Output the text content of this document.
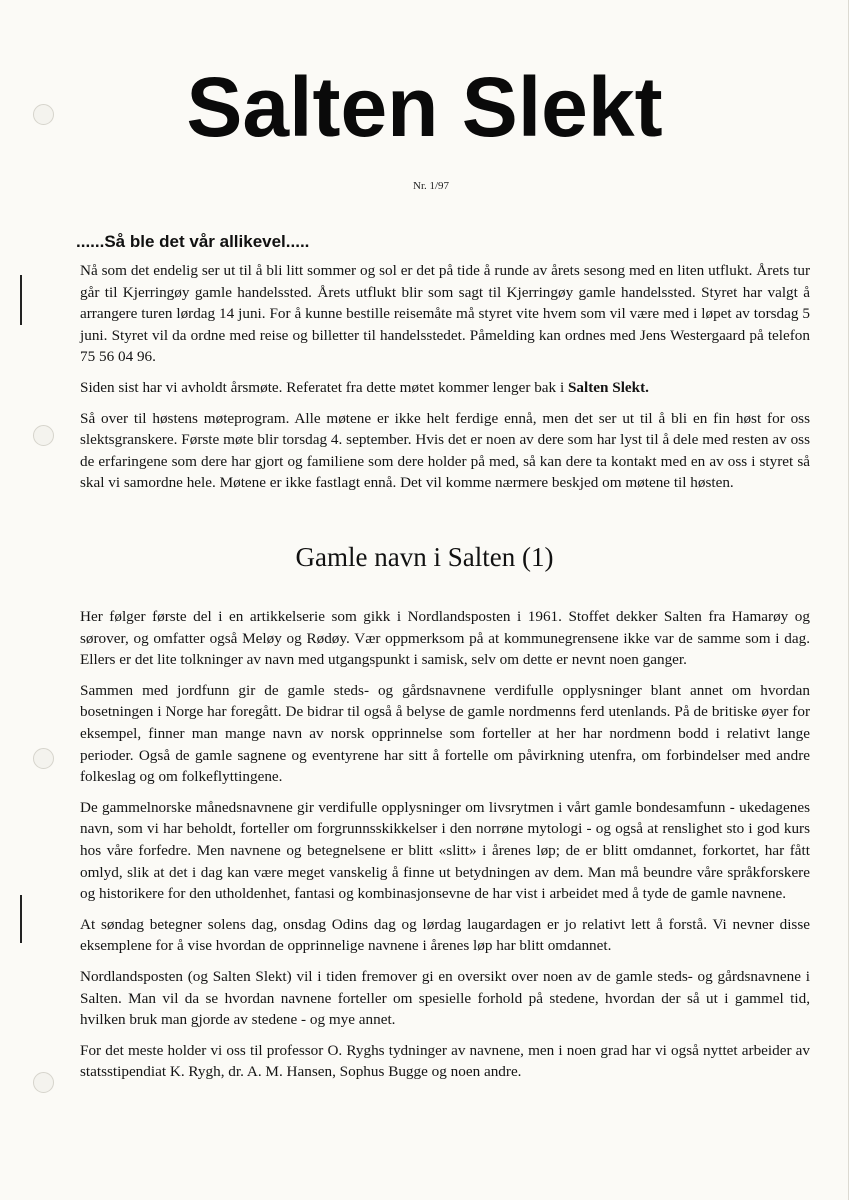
Salten Slekt
Nr. 1/97
......Så ble det vår allikevel.....

Nå som det endelig ser ut til å bli litt sommer og sol er det på tide å runde av årets sesong med en liten utflukt. Årets tur går til Kjerringøy gamle handelssted. Årets utflukt blir som sagt til Kjerringøy gamle handelssted. Styret har valgt å arrangere turen lørdag 14 juni. For å kunne bestille reisemåte må styret vite hvem som vil være med i løpet av torsdag 5 juni. Styret vil da ordne med reise og billetter til handelsstedet. Påmelding kan ordnes med Jens Westergaard på telefon 75 56 04 96.

Siden sist har vi avholdt årsmøte. Referatet fra dette møtet kommer lenger bak i Salten Slekt.

Så over til høstens møteprogram. Alle møtene er ikke helt ferdige ennå, men det ser ut til å bli en fin høst for oss slektsgranskere. Første møte blir torsdag 4. september. Hvis det er noen av dere som har lyst til å dele med resten av oss de erfaringene som dere har gjort og familiene som dere holder på med, så kan dere ta kontakt med en av oss i styret så skal vi samordne hele. Møtene er ikke fastlagt ennå. Det vil komme nærmere beskjed om møtene til høsten.

Gamle navn i Salten (1)

Her følger første del i en artikkelserie som gikk i Nordlandsposten i 1961. Stoffet dekker Salten fra Hamarøy og sørover, og omfatter også Meløy og Rødøy. Vær oppmerksom på at kommunegrensene ikke var de samme som i dag. Ellers er det lite tolkninger av navn med utgangspunkt i samisk, selv om dette er nevnt noen ganger.

Sammen med jordfunn gir de gamle steds- og gårdsnavnene verdifulle opplysninger blant annet om hvordan bosetningen i Norge har foregått. De bidrar til også å belyse de gamle nordmenns ferd utenlands. På de britiske øyer for eksempel, finner man mange navn av norsk opprinnelse som forteller at her har nordmenn bodd i relativt lange perioder. Også de gamle sagnene og eventyrene har sitt å fortelle om påvirkning utenfra, om forbindelser med andre folkeslag og om folkeflyttingene.

De gammelnorske månedsnavnene gir verdifulle opplysninger om livsrytmen i vårt gamle bondesamfunn - ukedagenes navn, som vi har beholdt, forteller om forgrunnsskikkelser i den norrøne mytologi - og også at renslighet sto i god kurs hos våre forfedre. Men navnene og betegnelsene er blitt «slitt» i årenes løp; de er blitt omdannet, forkortet, har fått omlyd, slik at det i dag kan være meget vanskelig å finne ut betydningen av dem. Man må beundre våre språkforskere og historikere for den utholdenhet, fantasi og kombinasjonsevne de har vist i arbeidet med å tyde de gamle navnene.

At søndag betegner solens dag, onsdag Odins dag og lørdag laugardagen er jo relativt lett å forstå. Vi nevner disse eksemplene for å vise hvordan de opprinnelige navnene i årenes løp har blitt omdannet.

Nordlandsposten (og Salten Slekt) vil i tiden fremover gi en oversikt over noen av de gamle steds- og gårdsnavnene i Salten. Man vil da se hvordan navnene forteller om spesielle forhold på stedene, hvordan der så ut i gammel tid, hvilken bruk man gjorde av stedene - og mye annet.

For det meste holder vi oss til professor O. Ryghs tydninger av navnene, men i noen grad har vi også nyttet arbeider av statsstipendiat K. Rygh, dr. A. M. Hansen, Sophus Bugge og noen andre.
